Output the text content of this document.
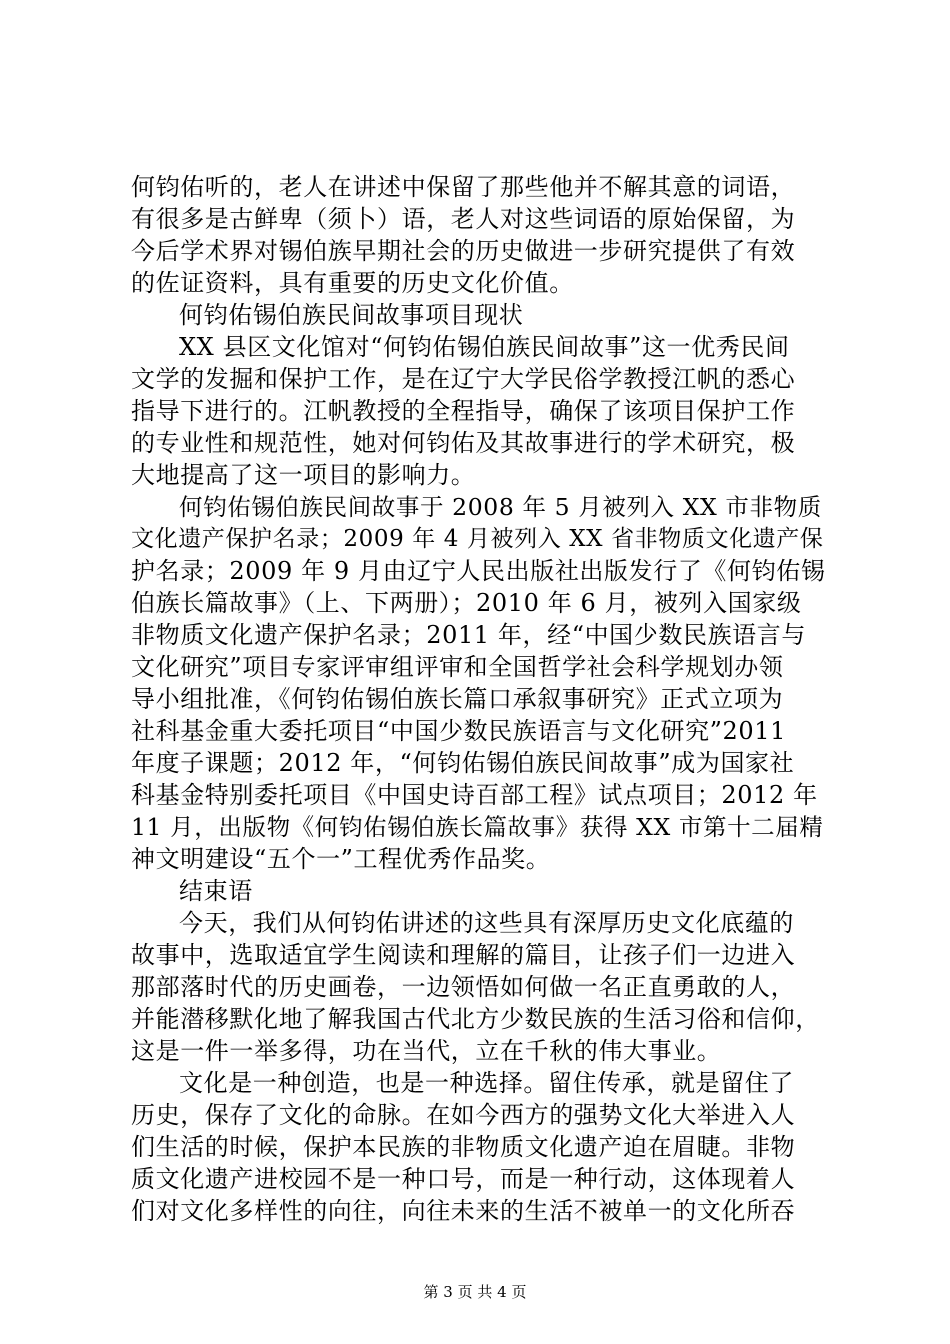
何钧佑听的，老人在讲述中保留了那些他并不解其意的词语，
有很多是古鲜卑（须卜）语，老人对这些词语的原始保留，为
今后学术界对锡伯族早期社会的历史做进一步研究提供了有效
的佐证资料，具有重要的历史文化价值。
何钧佑锡伯族民间故事项目现状
XX 县区文化馆对“何钧佑锡伯族民间故事”这一优秀民间
文学的发掘和保护工作，是在辽宁大学民俗学教授江帆的悉心
指导下进行的。江帆教授的全程指导，确保了该项目保护工作
的专业性和规范性，她对何钧佑及其故事进行的学术研究，极
大地提高了这一项目的影响力。
何钧佑锡伯族民间故事于 2008 年 5 月被列入 XX 市非物质
文化遗产保护名录；2009 年 4 月被列入 XX 省非物质文化遗产保
护名录；2009 年 9 月由辽宁人民出版社出版发行了《何钧佑锡
伯族长篇故事》（上、下两册）；2010 年 6 月，被列入国家级
非物质文化遗产保护名录；2011 年，经“中国少数民族语言与
文化研究”项目专家评审组评审和全国哲学社会科学规划办领
导小组批准，《何钧佑锡伯族长篇口承叙事研究》正式立项为
社科基金重大委托项目“中国少数民族语言与文化研究”2011
年度子课题；2012 年，“何钧佑锡伯族民间故事”成为国家社
科基金特别委托项目《中国史诗百部工程》试点项目；2012 年
11 月，出版物《何钧佑锡伯族长篇故事》获得 XX 市第十二届精
神文明建设“五个一”工程优秀作品奖。
结束语
今天，我们从何钧佑讲述的这些具有深厚历史文化底蕴的
故事中，选取适宜学生阅读和理解的篇目，让孩子们一边进入
那部落时代的历史画卷，一边领悟如何做一名正直勇敢的人，
并能潜移默化地了解我国古代北方少数民族的生活习俗和信仰，
这是一件一举多得，功在当代，立在千秋的伟大事业。
文化是一种创造，也是一种选择。留住传承，就是留住了
历史，保存了文化的命脉。在如今西方的强势文化大举进入人
们生活的时候，保护本民族的非物质文化遗产迫在眉睫。非物
质文化遗产进校园不是一种口号，而是一种行动，这体现着人
们对文化多样性的向往，向往未来的生活不被单一的文化所吞
第 3 页 共 4 页
